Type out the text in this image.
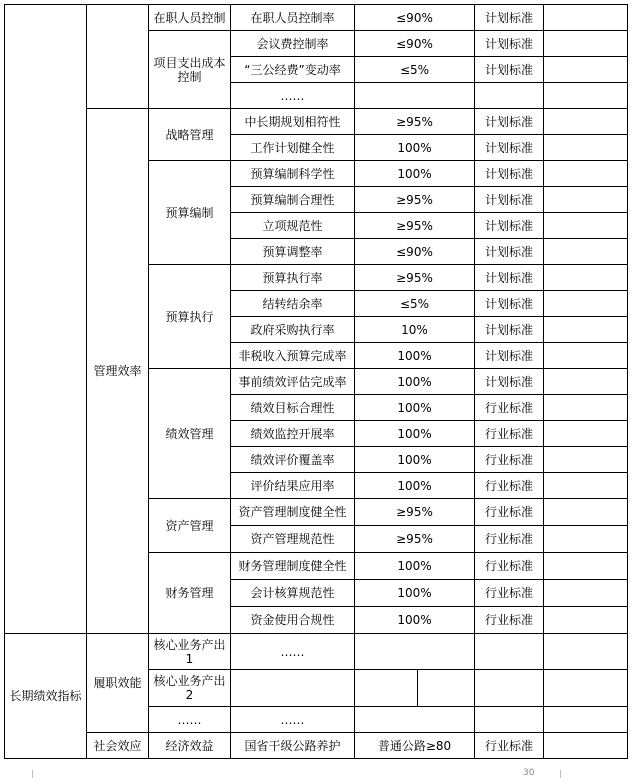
		在职人员控制	在职人员控制率	≤90%	计划标准	
		项目支出成本控制	会议费控制率	≤90%	计划标准	
			“三公经费”变动率	≤5%	计划标准	
			……			
	管理效率	战略管理	中长期规划相符性	≥95%	计划标准	
			工作计划健全性	100%	计划标准	
		预算编制	预算编制科学性	100%	计划标准	
			预算编制合理性	≥95%	计划标准	
			立项规范性	≥95%	计划标准	
			预算调整率	≤90%	计划标准	
		预算执行	预算执行率	≥95%	计划标准	
			结转结余率	≤5%	计划标准	
			政府采购执行率	10%	计划标准	
			非税收入预算完成率	100%	计划标准	
		绩效管理	事前绩效评估完成率	100%	计划标准	
			绩效目标合理性	100%	行业标准	
			绩效监控开展率	100%	行业标准	
			绩效评价覆盖率	100%	行业标准	
			评价结果应用率	100%	行业标准	
		资产管理	资产管理制度健全性	≥95%	行业标准	
			资产管理规范性	≥95%	行业标准	
		财务管理	财务管理制度健全性	100%	行业标准	
			会计核算规范性	100%	行业标准	
			资金使用合规性	100%	行业标准	
长期绩效指标	履职效能	核心业务产出1	……			
		核心业务产出2		

		……	……			
	社会效应	经济效益	国省干级公路养护	普通公路≥80	行业标准	
30
